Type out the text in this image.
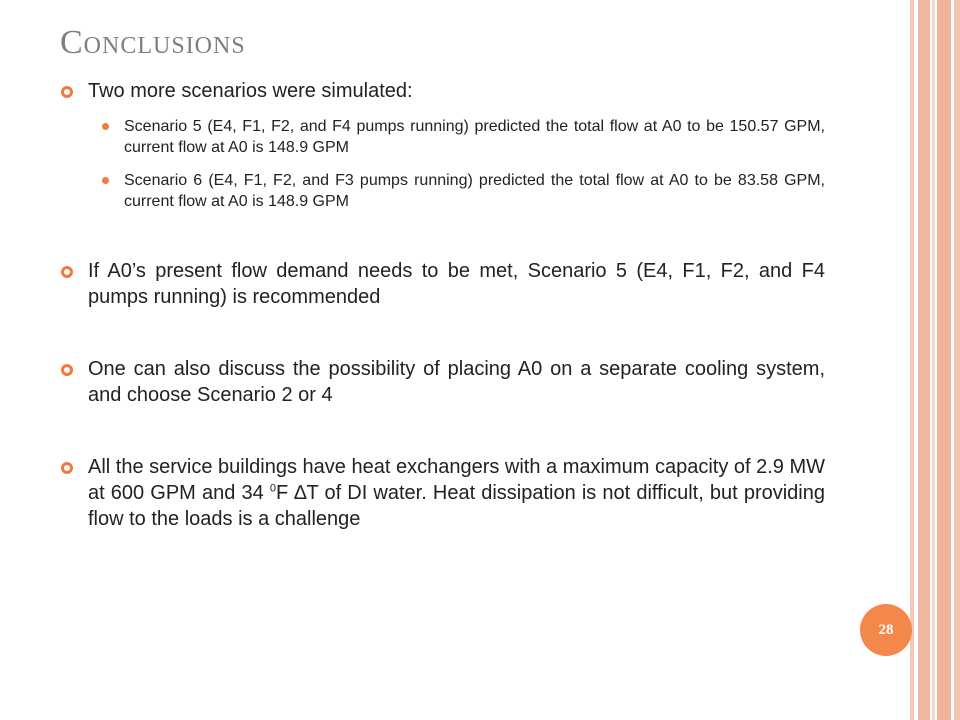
Conclusions
Two more scenarios were simulated:
Scenario 5 (E4, F1, F2, and F4 pumps running) predicted the total flow at A0 to be 150.57 GPM, current flow at A0 is 148.9 GPM
Scenario 6 (E4, F1, F2, and F3 pumps running) predicted the total flow at A0 to be 83.58 GPM, current flow at A0 is 148.9 GPM
If A0’s present flow demand needs to be met, Scenario 5 (E4, F1, F2, and F4 pumps running) is recommended
One can also discuss the possibility of placing A0 on a separate cooling system, and choose Scenario 2 or 4
All the service buildings have heat exchangers with a maximum capacity of 2.9 MW at 600 GPM and 34 $^0$F ∆T of DI water. Heat dissipation is not difficult, but providing flow to the loads is a challenge
28
